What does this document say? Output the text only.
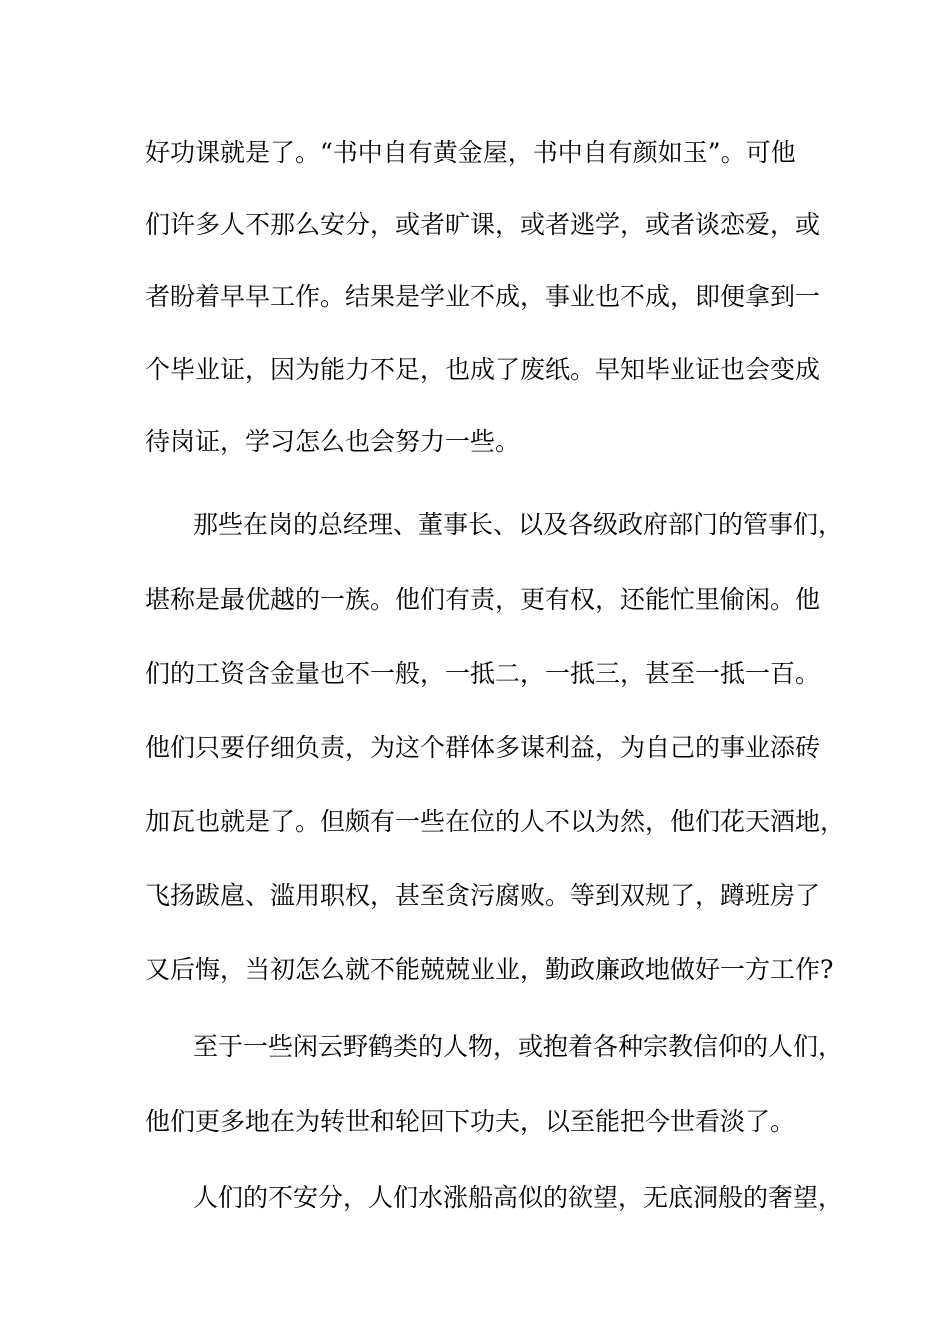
好功课就是了。“书中自有黄金屋，书中自有颜如玉”。可他
们许多人不那么安分，或者旷课，或者逃学，或者谈恋爱，或
者盼着早早工作。结果是学业不成，事业也不成，即便拿到一
个毕业证，因为能力不足，也成了废纸。早知毕业证也会变成
待岗证，学习怎么也会努力一些。
那些在岗的总经理、董事长、以及各级政府部门的管事们，
堪称是最优越的一族。他们有责，更有权，还能忙里偷闲。他
们的工资含金量也不一般，一抵二，一抵三，甚至一抵一百。
他们只要仔细负责，为这个群体多谋利益，为自己的事业添砖
加瓦也就是了。但颇有一些在位的人不以为然，他们花天酒地，
飞扬跋扈、滥用职权，甚至贪污腐败。等到双规了，蹲班房了
又后悔，当初怎么就不能兢兢业业，勤政廉政地做好一方工作?
至于一些闲云野鹤类的人物，或抱着各种宗教信仰的人们，
他们更多地在为转世和轮回下功夫，以至能把今世看淡了。
人们的不安分，人们水涨船高似的欲望，无底洞般的奢望，
